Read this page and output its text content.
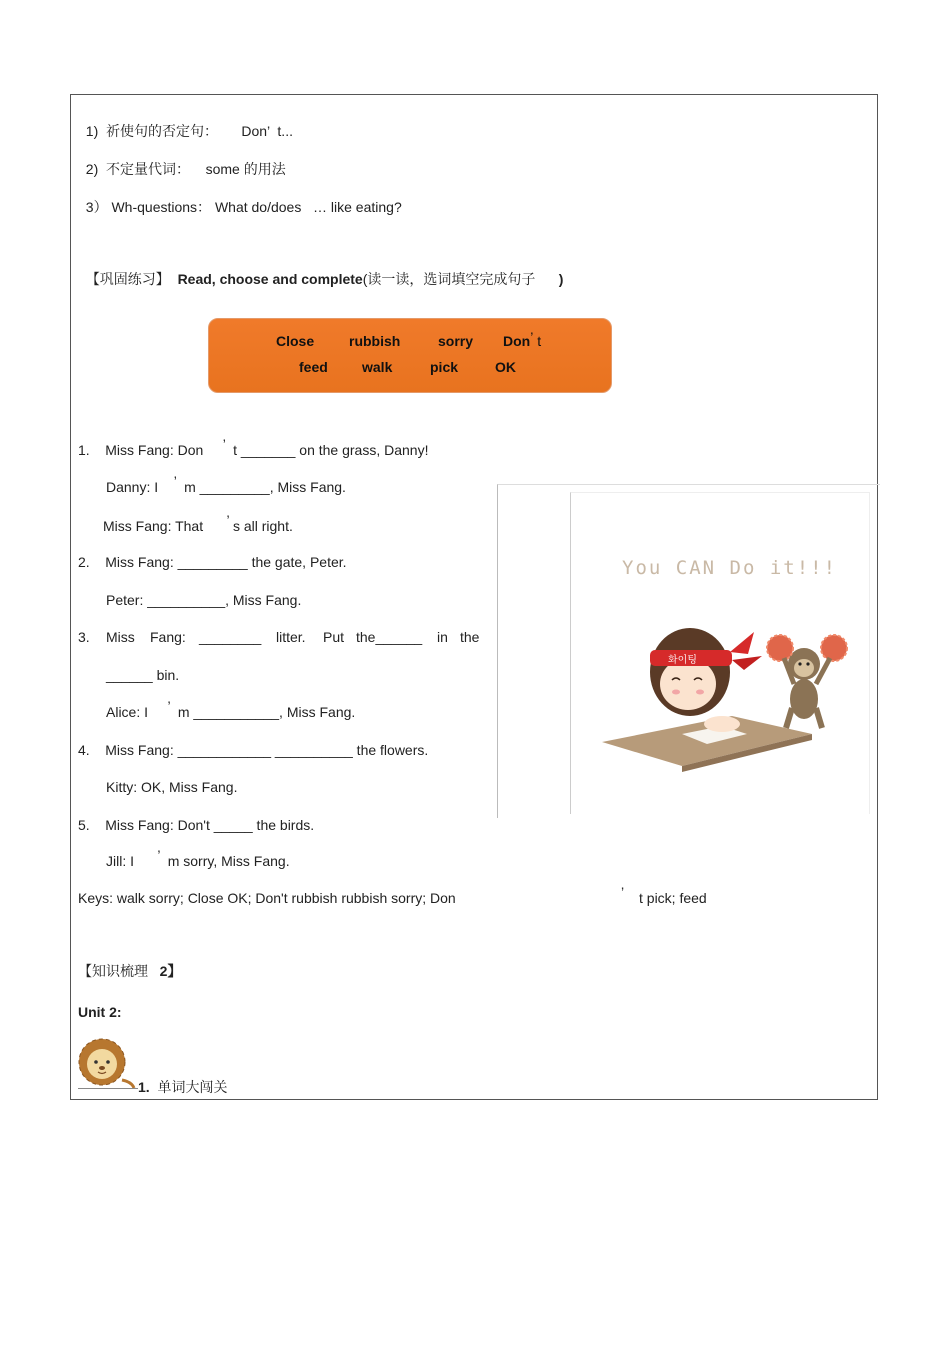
1) 祈使句的否定句： Don’ t...

2) 不定量代词： some 的用法

3） Wh-questions： What do/does … like eating?

【巩固练习】 Read, choose and complete(读一读，选词填空完成句子 )

Close rubbish	sorry Don’ t
feed walk	pick	OK
1. Miss Fang: Don ’ t _______ on the grass, Danny!
Danny: I ’ m _________, Miss Fang.
Miss Fang: That ’ s all right.
2. Miss Fang: _________ the gate, Peter.
Peter: __________, Miss Fang.
3. Miss Fang: ________ litter. Put the______ in the
______ bin.
Alice: I ’ m ___________, Miss Fang.
4. Miss Fang: ____________ __________ the flowers.
Kitty: OK, Miss Fang.
5. Miss Fang: Don't _____ the birds.
Jill: I ’ m sorry, Miss Fang.
Keys: walk sorry; Close OK; Don't rubbish rubbish sorry; Don	’ t pick; feed
【知识梳理 2】
Unit 2:
1. 单词大闯关
You CAN Do it!!!
화이팅
